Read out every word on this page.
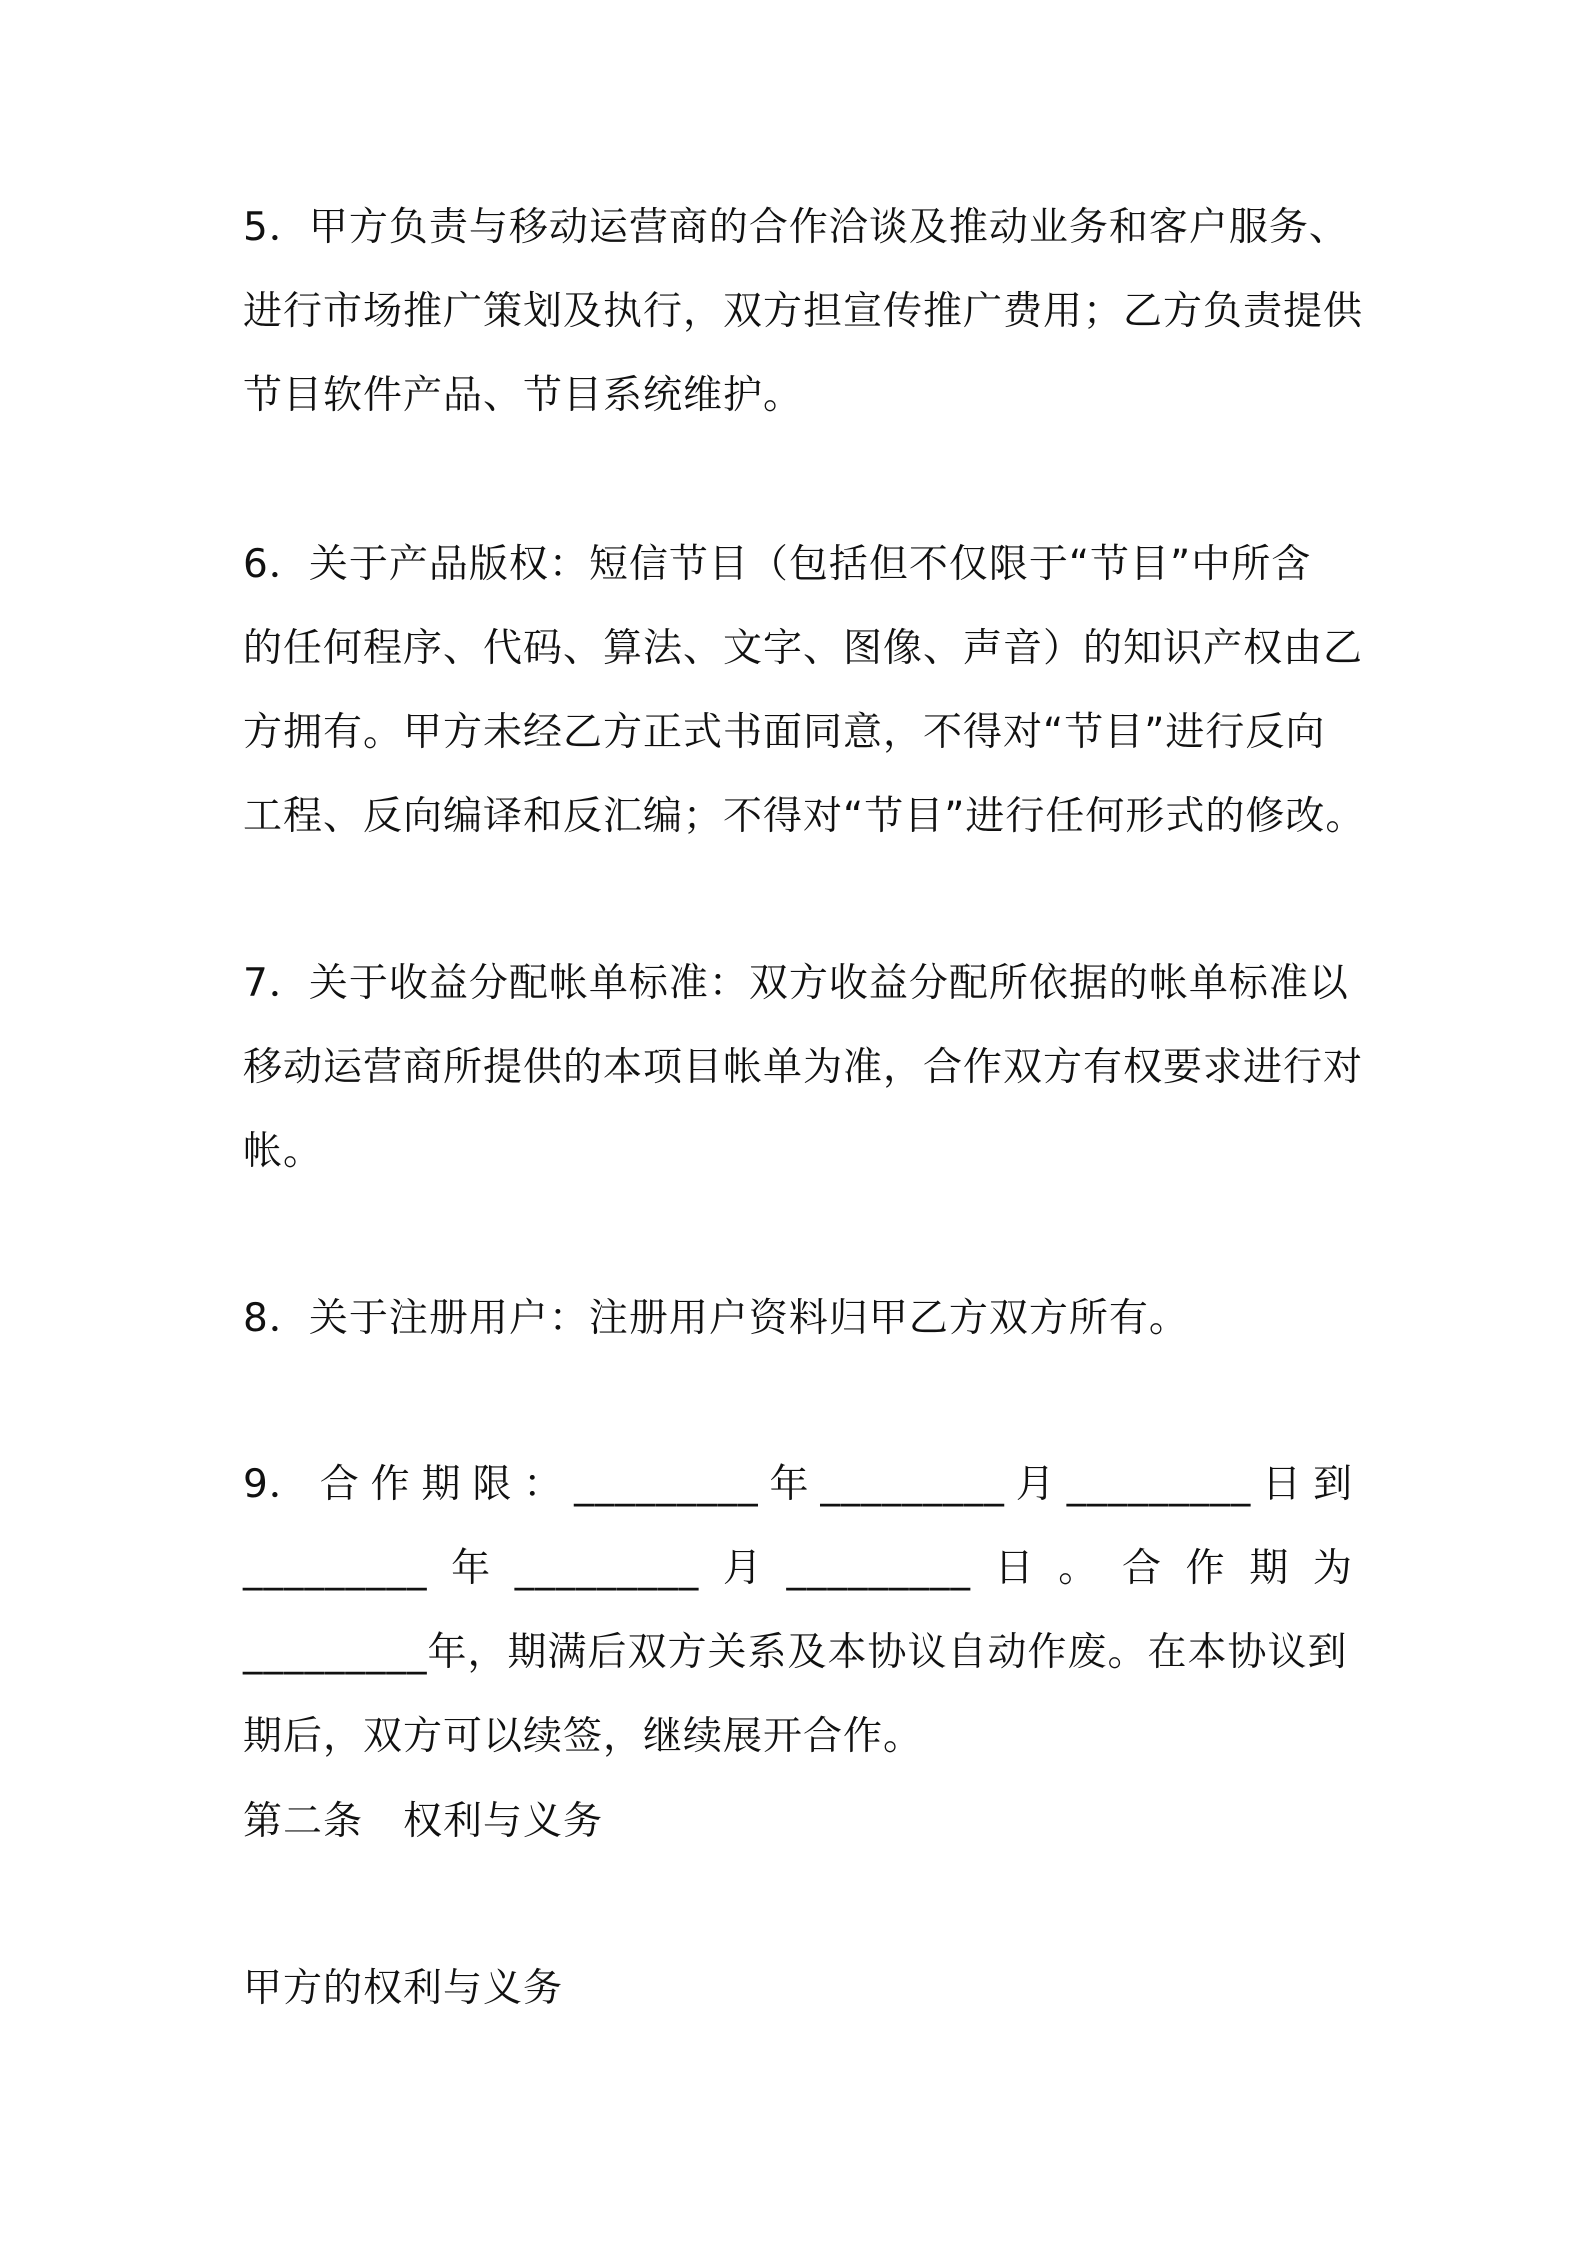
5．甲方负责与移动运营商的合作洽谈及推动业务和客户服务、
进行市场推广策划及执行，双方担宣传推广费用；乙方负责提供
节目软件产品、节目系统维护。
6．关于产品版权：短信节目（包括但不仅限于“节目”中所含
的任何程序、代码、算法、文字、图像、声音）的知识产权由乙
方拥有。甲方未经乙方正式书面同意，不得对“节目”进行反向
工程、反向编译和反汇编；不得对“节目”进行任何形式的修改。
7．关于收益分配帐单标准：双方收益分配所依据的帐单标准以
移动运营商所提供的本项目帐单为准，合作双方有权要求进行对
帐。
8．关于注册用户：注册用户资料归甲乙方双方所有。
9． 合 作 期 限 ： _________ 年 _________ 月 _________ 日 到
_________ 年 _________ 月 _________ 日 。 合 作 期 为
_________年，期满后双方关系及本协议自动作废。在本协议到
期后，双方可以续签，继续展开合作。
第二条　权利与义务
甲方的权利与义务
